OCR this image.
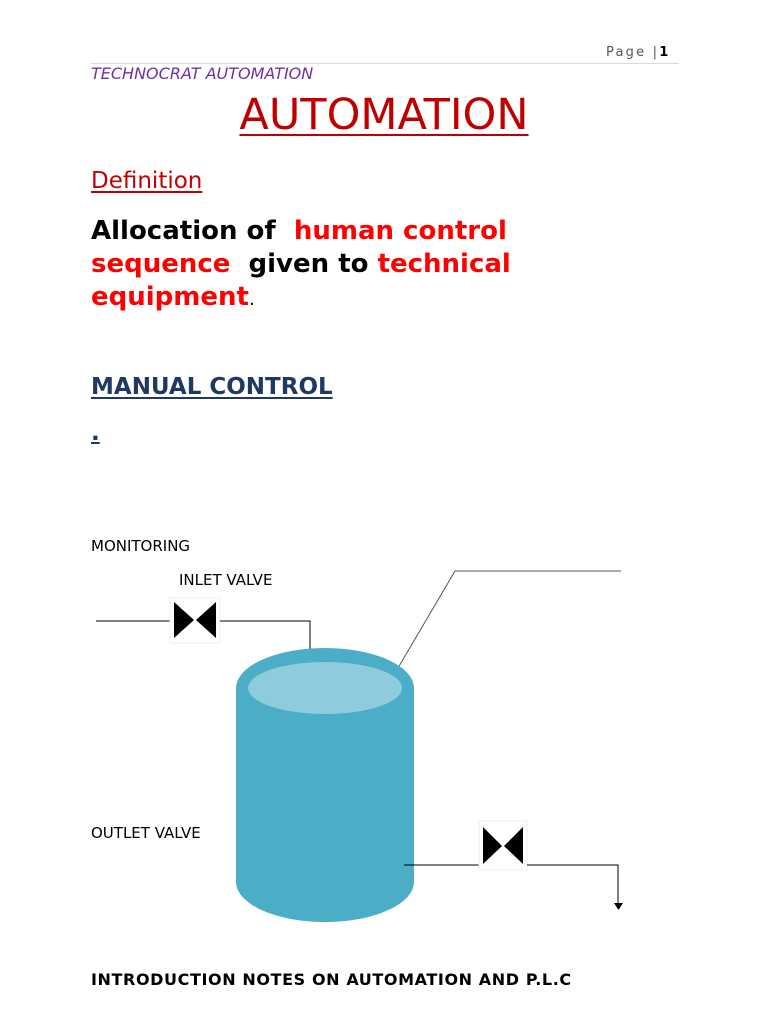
Page |1
TECHNOCRAT AUTOMATION
AUTOMATION
Definition
Allocation of human control
sequence given to technical
equipment.
MANUAL CONTROL
.
MONITORING
INLET VALVE
OUTLET VALVE
INTRODUCTION NOTES ON AUTOMATION AND P.L.C
